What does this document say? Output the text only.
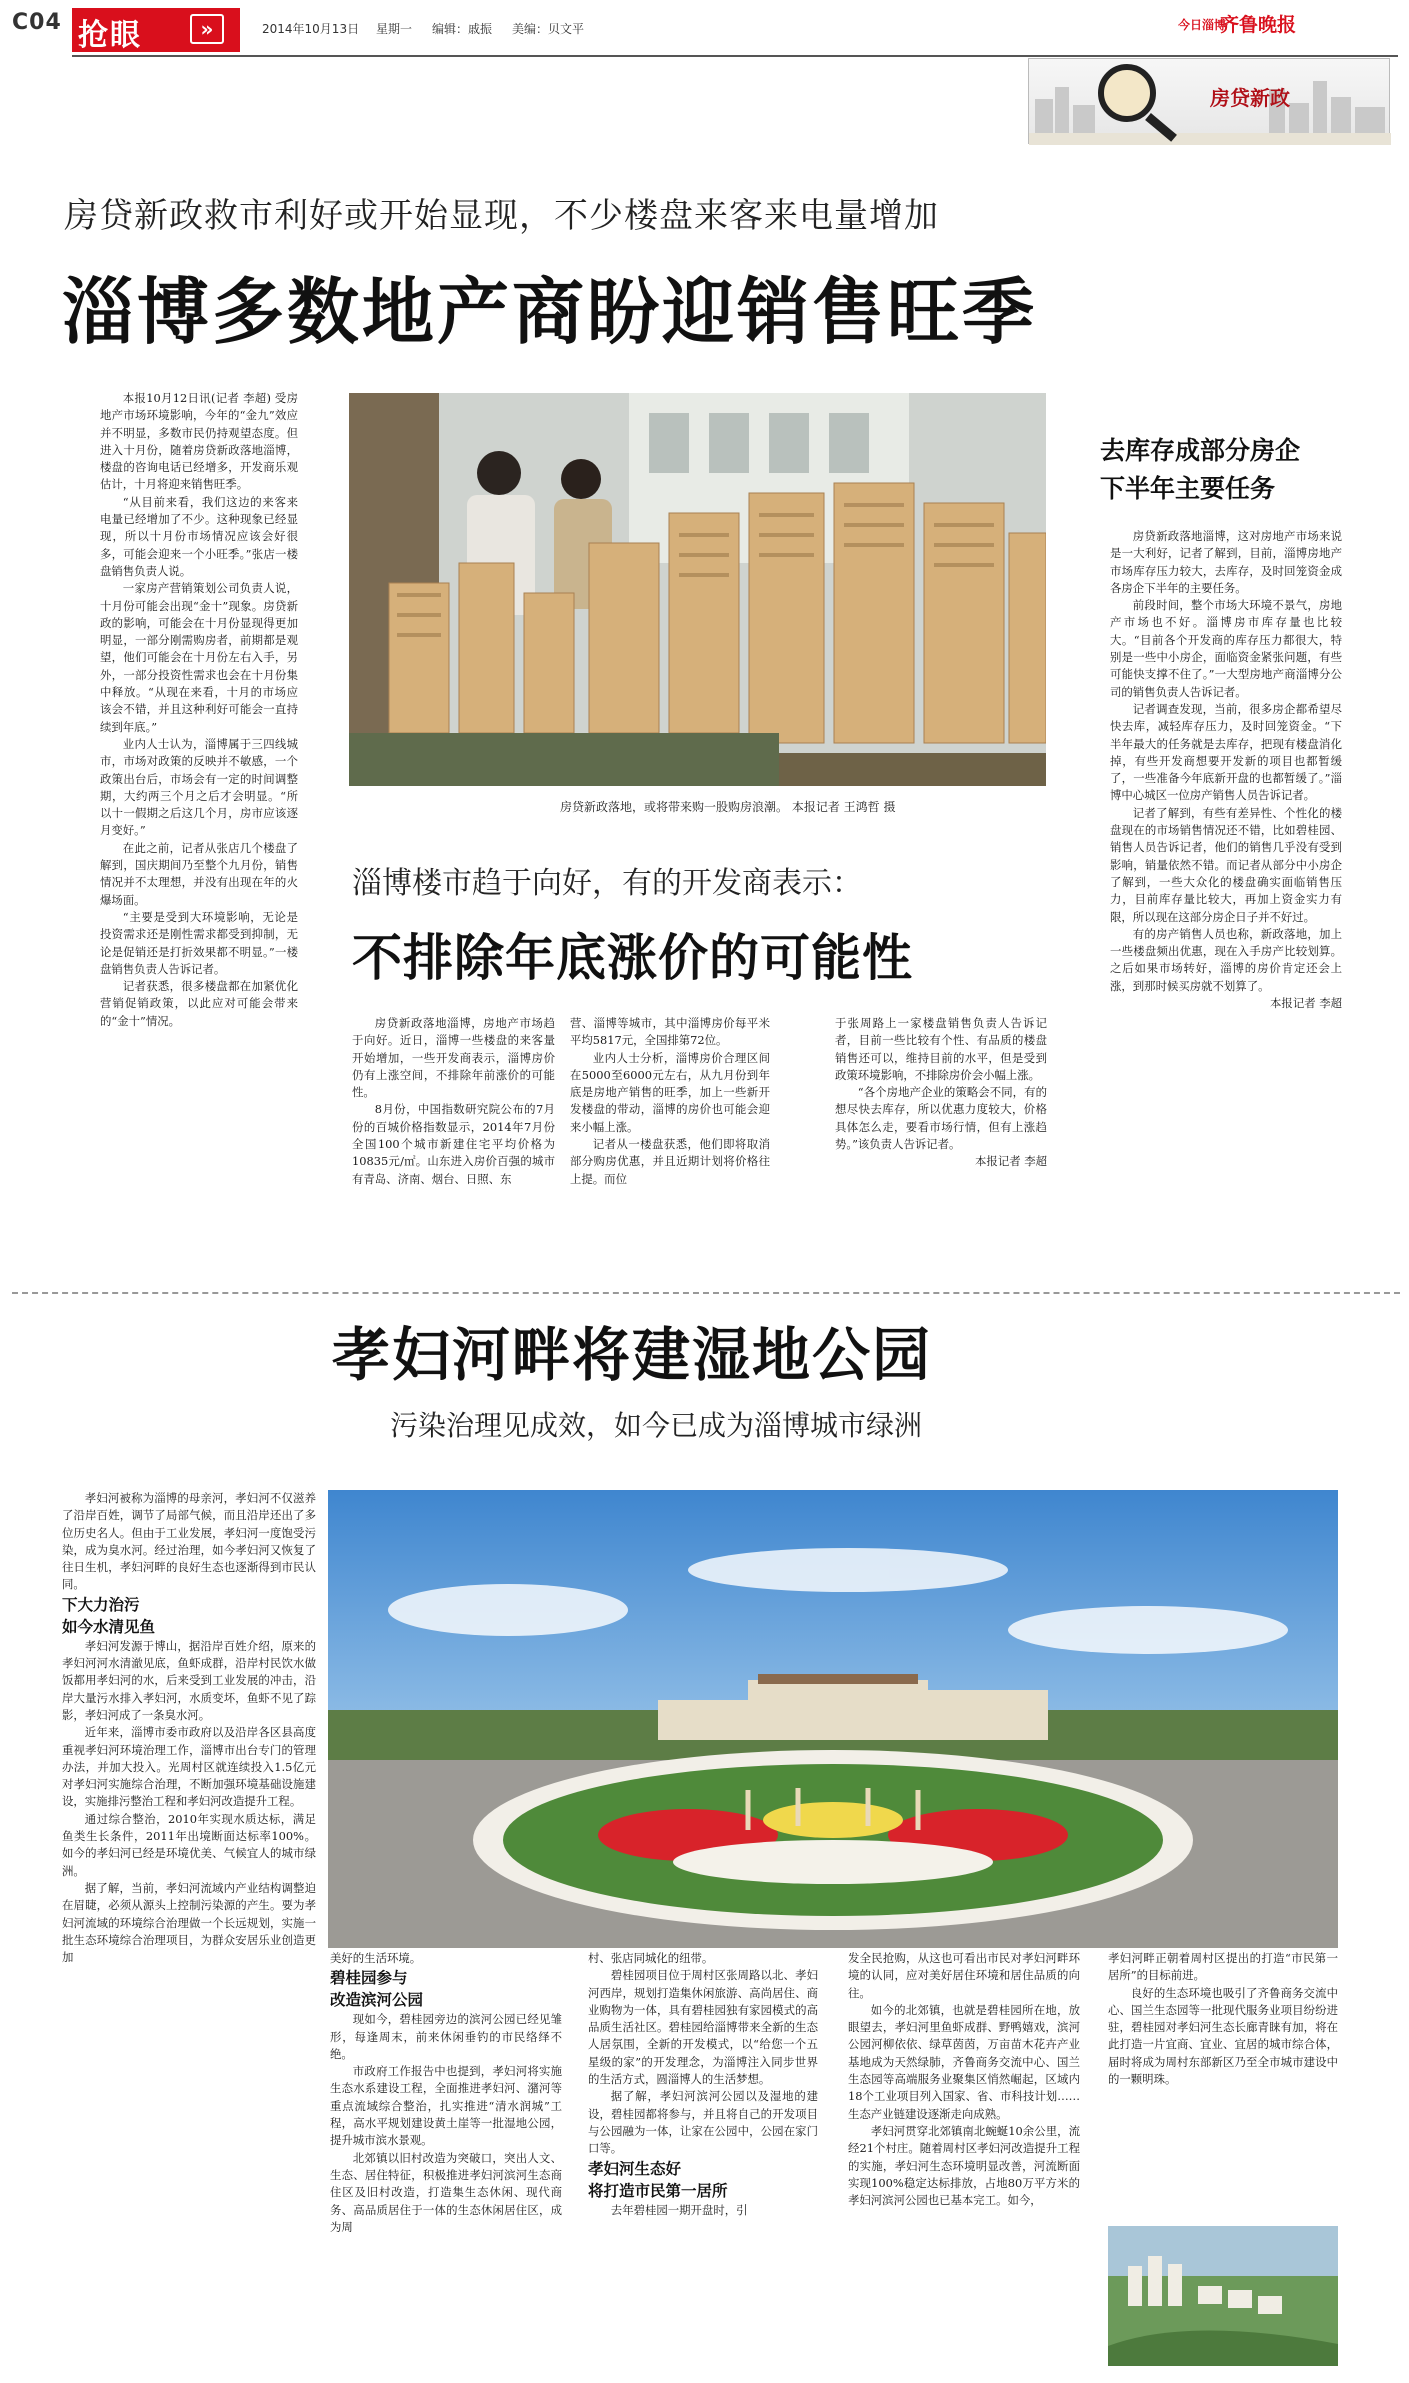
C04 抢眼	»	2014年10月13日 星期一 编辑：戚振 美编：贝文平	今日淄博
齐鲁晚报
房贷新政
房贷新政救市利好或开始显现，不少楼盘来客来电量增加
淄博多数地产商盼迎销售旺季

本报10月12日讯(记者 李超) 受房地产市场环境影响，今年的“金九”效应并不明显，多数市民仍持观望态度。但进入十月份，随着房贷新政落地淄博，楼盘的咨询电话已经增多，开发商乐观估计，十月将迎来销售旺季。

“从目前来看，我们这边的来客来电量已经增加了不少。这种现象已经显现，所以十月份市场情况应该会好很多，可能会迎来一个小旺季。”张店一楼盘销售负责人说。

一家房产营销策划公司负责人说，十月份可能会出现“金十”现象。房贷新政的影响，可能会在十月份显现得更加明显，一部分刚需购房者，前期都是观望，他们可能会在十月份左右入手，另外，一部分投资性需求也会在十月份集中释放。“从现在来看，十月的市场应该会不错，并且这种利好可能会一直持续到年底。”

业内人士认为，淄博属于三四线城市，市场对政策的反映并不敏感，一个政策出台后，市场会有一定的时间调整期，大约两三个月之后才会明显。“所以十一假期之后这几个月，房市应该逐月变好。”

在此之前，记者从张店几个楼盘了解到，国庆期间乃至整个九月份，销售情况并不太理想，并没有出现在年的火爆场面。

“主要是受到大环境影响，无论是投资需求还是刚性需求都受到抑制，无论是促销还是打折效果都不明显。”一楼盘销售负责人告诉记者。

记者获悉，很多楼盘都在加紧优化营销促销政策，以此应对可能会带来的“金十”情况。

房贷新政落地，或将带来购一股购房浪潮。 本报记者 王鸿哲 摄
去库存成部分房企
下半年主要任务

房贷新政落地淄博，这对房地产市场来说是一大利好，记者了解到，目前，淄博房地产市场库存压力较大，去库存，及时回笼资金成各房企下半年的主要任务。

前段时间，整个市场大环境不景气，房地产市场也不好。淄博房市库存量也比较大。“目前各个开发商的库存压力都很大，特别是一些中小房企，面临资金紧张问题，有些可能快支撑不住了。”一大型房地产商淄博分公司的销售负责人告诉记者。

记者调查发现，当前，很多房企都希望尽快去库，减轻库存压力，及时回笼资金。“下半年最大的任务就是去库存，把现有楼盘消化掉，有些开发商想要开发新的项目也都暂缓了，一些准备今年底新开盘的也都暂缓了。”淄博中心城区一位房产销售人员告诉记者。

记者了解到，有些有差异性、个性化的楼盘现在的市场销售情况还不错，比如碧桂园、销售人员告诉记者，他们的销售几乎没有受到影响，销量依然不错。而记者从部分中小房企了解到，一些大众化的楼盘确实面临销售压力，目前库存量比较大，再加上资金实力有限，所以现在这部分房企日子并不好过。

有的房产销售人员也称，新政落地，加上一些楼盘频出优惠，现在入手房产比较划算。之后如果市场转好，淄博的房价肯定还会上涨，到那时候买房就不划算了。

本报记者 李超
淄博楼市趋于向好，有的开发商表示：
不排除年底涨价的可能性

房贷新政落地淄博，房地产市场趋于向好。近日，淄博一些楼盘的来客量开始增加，一些开发商表示，淄博房价仍有上涨空间，不排除年前涨价的可能性。

8月份，中国指数研究院公布的7月份的百城价格指数显示，2014年7月份全国100个城市新建住宅平均价格为10835元/㎡。山东进入房价百强的城市有青岛、济南、烟台、日照、东

营、淄博等城市，其中淄博房价每平米平均5817元，全国排第72位。

业内人士分析，淄博房价合理区间在5000至6000元左右，从九月份到年底是房地产销售的旺季，加上一些新开发楼盘的带动，淄博的房价也可能会迎来小幅上涨。

记者从一楼盘获悉，他们即将取消部分购房优惠，并且近期计划将价格往上提。而位

于张周路上一家楼盘销售负责人告诉记者，目前一些比较有个性、有品质的楼盘销售还可以，维持目前的水平，但是受到政策环境影响，不排除房价会小幅上涨。

“各个房地产企业的策略会不同，有的想尽快去库存，所以优惠力度较大，价格具体怎么走，要看市场行情，但有上涨趋势。”该负责人告诉记者。

本报记者 李超
孝妇河畔将建湿地公园
污染治理见成效，如今已成为淄博城市绿洲

孝妇河被称为淄博的母亲河，孝妇河不仅滋养了沿岸百姓，调节了局部气候，而且沿岸还出了多位历史名人。但由于工业发展，孝妇河一度饱受污染，成为臭水河。经过治理，如今孝妇河又恢复了往日生机，孝妇河畔的良好生态也逐渐得到市民认同。

下大力治污
如今水清见鱼

孝妇河发源于博山，据沿岸百姓介绍，原来的孝妇河河水清澈见底，鱼虾成群，沿岸村民饮水做饭都用孝妇河的水，后来受到工业发展的冲击，沿岸大量污水排入孝妇河，水质变坏，鱼虾不见了踪影，孝妇河成了一条臭水河。

近年来，淄博市委市政府以及沿岸各区县高度重视孝妇河环境治理工作，淄博市出台专门的管理办法，并加大投入。光周村区就连续投入1.5亿元对孝妇河实施综合治理，不断加强环境基础设施建设，实施排污整治工程和孝妇河改造提升工程。

通过综合整治，2010年实现水质达标，满足鱼类生长条件，2011年出境断面达标率100%。如今的孝妇河已经是环境优美、气候宜人的城市绿洲。

据了解，当前，孝妇河流域内产业结构调整迫在眉睫，必须从源头上控制污染源的产生。要为孝妇河流域的环境综合治理做一个长远规划，实施一批生态环境综合治理项目，为群众安居乐业创造更加	美好的生活环境。

碧桂园参与
改造滨河公园

现如今，碧桂园旁边的滨河公园已经见雏形，每逢周末，前来休闲垂钓的市民络绎不绝。

市政府工作报告中也提到，孝妇河将实施生态水系建设工程，全面推进孝妇河、潴河等重点流域综合整治，扎实推进“清水润城”工程，高水平规划建设黄土崖等一批湿地公园，提升城市滨水景观。

北郊镇以旧村改造为突破口，突出人文、生态、居住特征，积极推进孝妇河滨河生态商住区及旧村改造，打造集生态休闲、现代商务、高品质居住于一体的生态休闲居住区，成为周

村、张店同城化的纽带。

碧桂园项目位于周村区张周路以北、孝妇河西岸，规划打造集休闲旅游、高尚居住、商业购物为一体，具有碧桂园独有家园模式的高品质生活社区。碧桂园给淄博带来全新的生态人居氛围，全新的开发模式，以“给您一个五星级的家”的开发理念，为淄博注入同步世界的生活方式，圆淄博人的生活梦想。

据了解，孝妇河滨河公园以及湿地的建设，碧桂园都将参与，并且将自己的开发项目与公园融为一体，让家在公园中，公园在家门口等。

孝妇河生态好
将打造市民第一居所

去年碧桂园一期开盘时，引

发全民抢购，从这也可看出市民对孝妇河畔环境的认同，应对美好居住环境和居住品质的向往。

如今的北郊镇，也就是碧桂园所在地，放眼望去，孝妇河里鱼虾成群、野鸭嬉戏，滨河公园河柳依依、绿草茵茵，万亩苗木花卉产业基地成为天然绿肺，齐鲁商务交流中心、国兰生态园等高端服务业聚集区悄然崛起，区域内18个工业项目列入国家、省、市科技计划……生态产业链建设逐渐走向成熟。

孝妇河贯穿北郊镇南北蜿蜒10余公里，流经21个村庄。随着周村区孝妇河改造提升工程的实施，孝妇河生态环境明显改善，河流断面实现100%稳定达标排放，占地80万平方米的孝妇河滨河公园也已基本完工。如今，

孝妇河畔正朝着周村区提出的打造“市民第一居所”的目标前进。

良好的生态环境也吸引了齐鲁商务交流中心、国兰生态园等一批现代服务业项目纷纷进驻，碧桂园对孝妇河生态长廊青睐有加，将在此打造一片宜商、宜业、宜居的城市综合体，届时将成为周村东部新区乃至全市城市建设中的一颗明珠。
